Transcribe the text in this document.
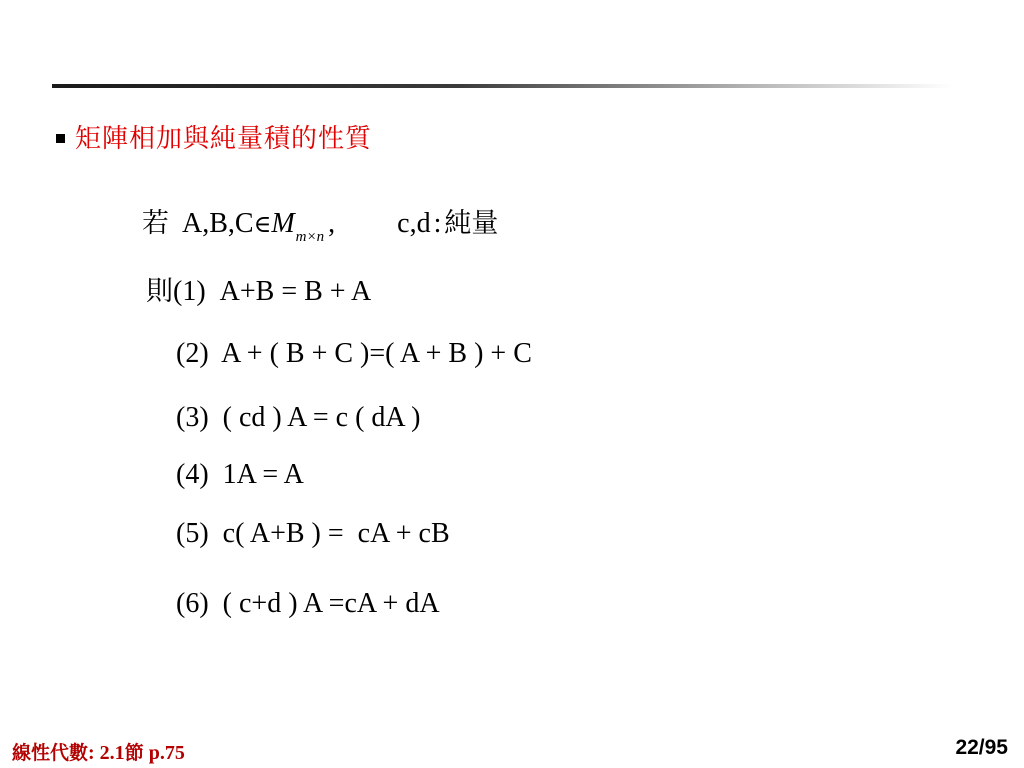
矩陣相加與純量積的性質
若 $A,B,C\in M_{m\times n}$ , c,d : 純量
則(1)  A+B = B + A
(2)  A + ( B + C )=( A + B ) + C
(3)  ( cd ) A = c ( dA )
(4)  1A = A
(5)  c( A+B ) =  cA + cB
(6)  ( c+d ) A =cA + dA
線性代數: 2.1節 p.75	22/95
